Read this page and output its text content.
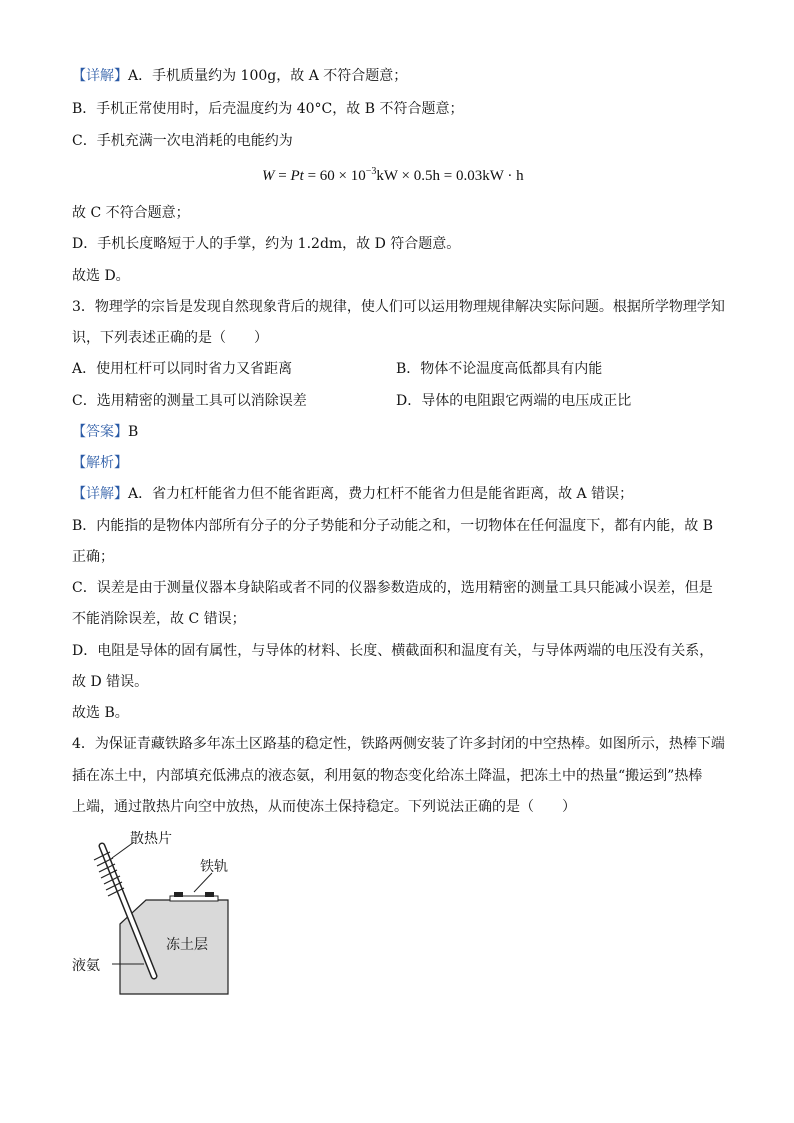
【详解】A．手机质量约为 100g，故 A 不符合题意；
B．手机正常使用时，后壳温度约为 40°C，故 B 不符合题意；
C．手机充满一次电消耗的电能约为
$W = Pt = 60 \times 10^{-3}kW \times 0.5h = 0.03kW \cdot h$
故 C 不符合题意；
D．手机长度略短于人的手掌，约为 1.2dm，故 D 符合题意。
故选 D。
3．物理学的宗旨是发现自然现象背后的规律，使人们可以运用物理规律解决实际问题。根据所学物理学知
识，下列表述正确的是（　　）
A．使用杠杆可以同时省力又省距离	B．物体不论温度高低都具有内能
C．选用精密的测量工具可以消除误差	D．导体的电阻跟它两端的电压成正比
【答案】B
【解析】
【详解】A．省力杠杆能省力但不能省距离，费力杠杆不能省力但是能省距离，故 A 错误；
B．内能指的是物体内部所有分子的分子势能和分子动能之和，一切物体在任何温度下，都有内能，故 B
正确；
C．误差是由于测量仪器本身缺陷或者不同的仪器参数造成的，选用精密的测量工具只能减小误差，但是
不能消除误差，故 C 错误；
D．电阻是导体的固有属性，与导体的材料、长度、横截面积和温度有关，与导体两端的电压没有关系，
故 D 错误。
故选 B。
4．为保证青藏铁路多年冻土区路基的稳定性，铁路两侧安装了许多封闭的中空热棒。如图所示，热棒下端
插在冻土中，内部填充低沸点的液态氨，利用氨的物态变化给冻土降温，把冻土中的热量“搬运到”热棒
上端，通过散热片向空中放热，从而使冻土保持稳定。下列说法正确的是（　　）
散热片
铁轨
冻土层
液氨
